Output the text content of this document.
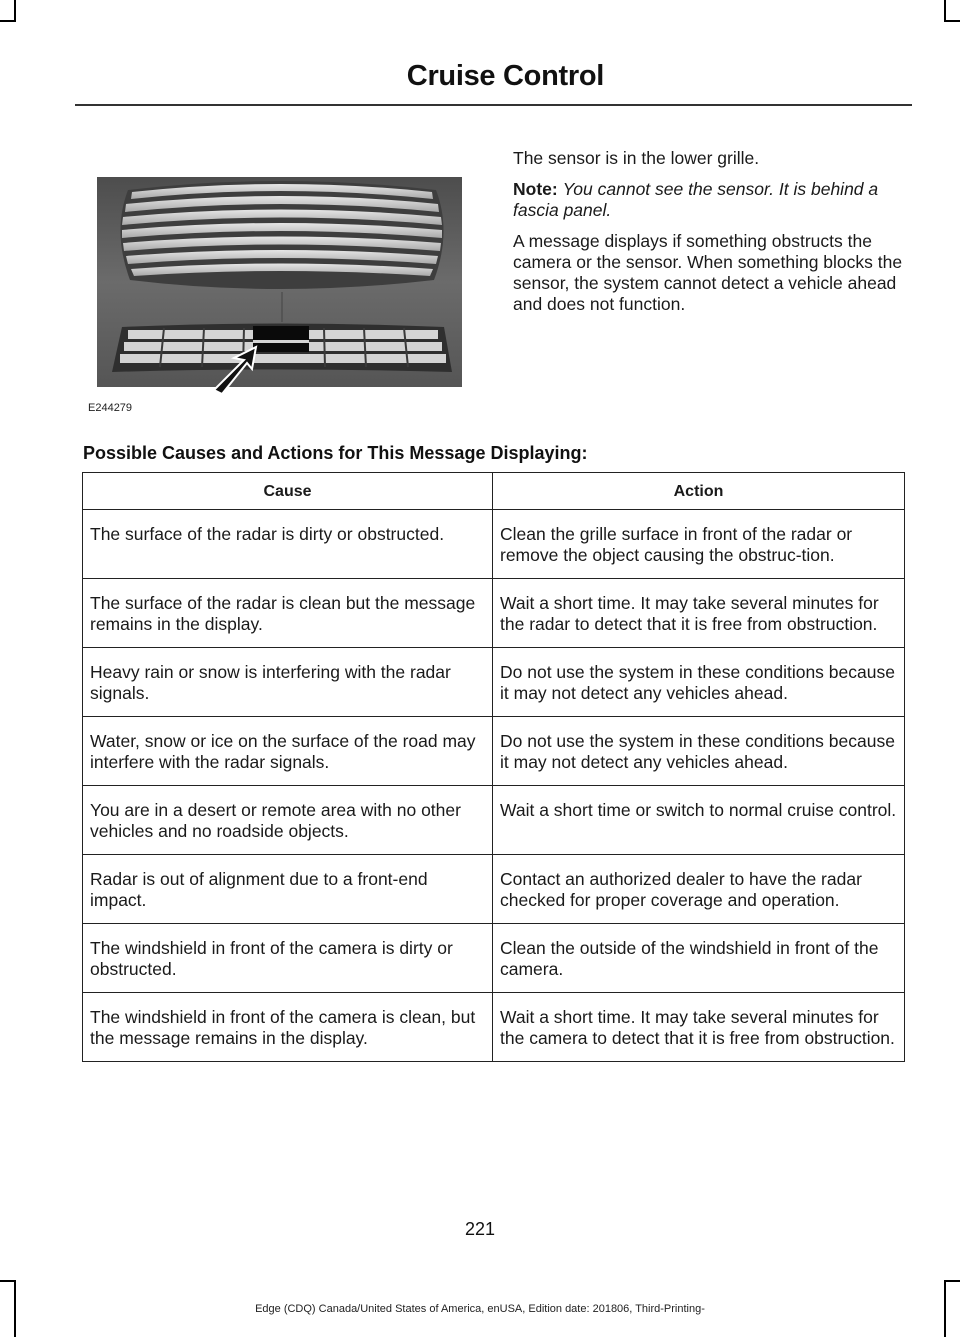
Cruise Control
E244279

The sensor is in the lower grille.

Note: You cannot see the sensor. It is behind a fascia panel.

A message displays if something obstructs the camera or the sensor. When something blocks the sensor, the system cannot detect a vehicle ahead and does not function.

Possible Causes and Actions for This Message Displaying:
Cause	Action
The surface of the radar is dirty or obstructed.	Clean the grille surface in front of the radar or remove the object causing the obstruc-tion.
The surface of the radar is clean but the message remains in the display.	Wait a short time. It may take several minutes for the radar to detect that it is free from obstruction.
Heavy rain or snow is interfering with the radar signals.	Do not use the system in these conditions because it may not detect any vehicles ahead.
Water, snow or ice on the surface of the road may interfere with the radar signals.	Do not use the system in these conditions because it may not detect any vehicles ahead.
You are in a desert or remote area with no other vehicles and no roadside objects.	Wait a short time or switch to normal cruise control.
Radar is out of alignment due to a front-end impact.	Contact an authorized dealer to have the radar checked for proper coverage and operation.
The windshield in front of the camera is dirty or obstructed.	Clean the outside of the windshield in front of the camera.
The windshield in front of the camera is clean, but the message remains in the display.	Wait a short time. It may take several minutes for the camera to detect that it is free from obstruction.
221
Edge (CDQ) Canada/United States of America, enUSA, Edition date: 201806, Third-Printing-
